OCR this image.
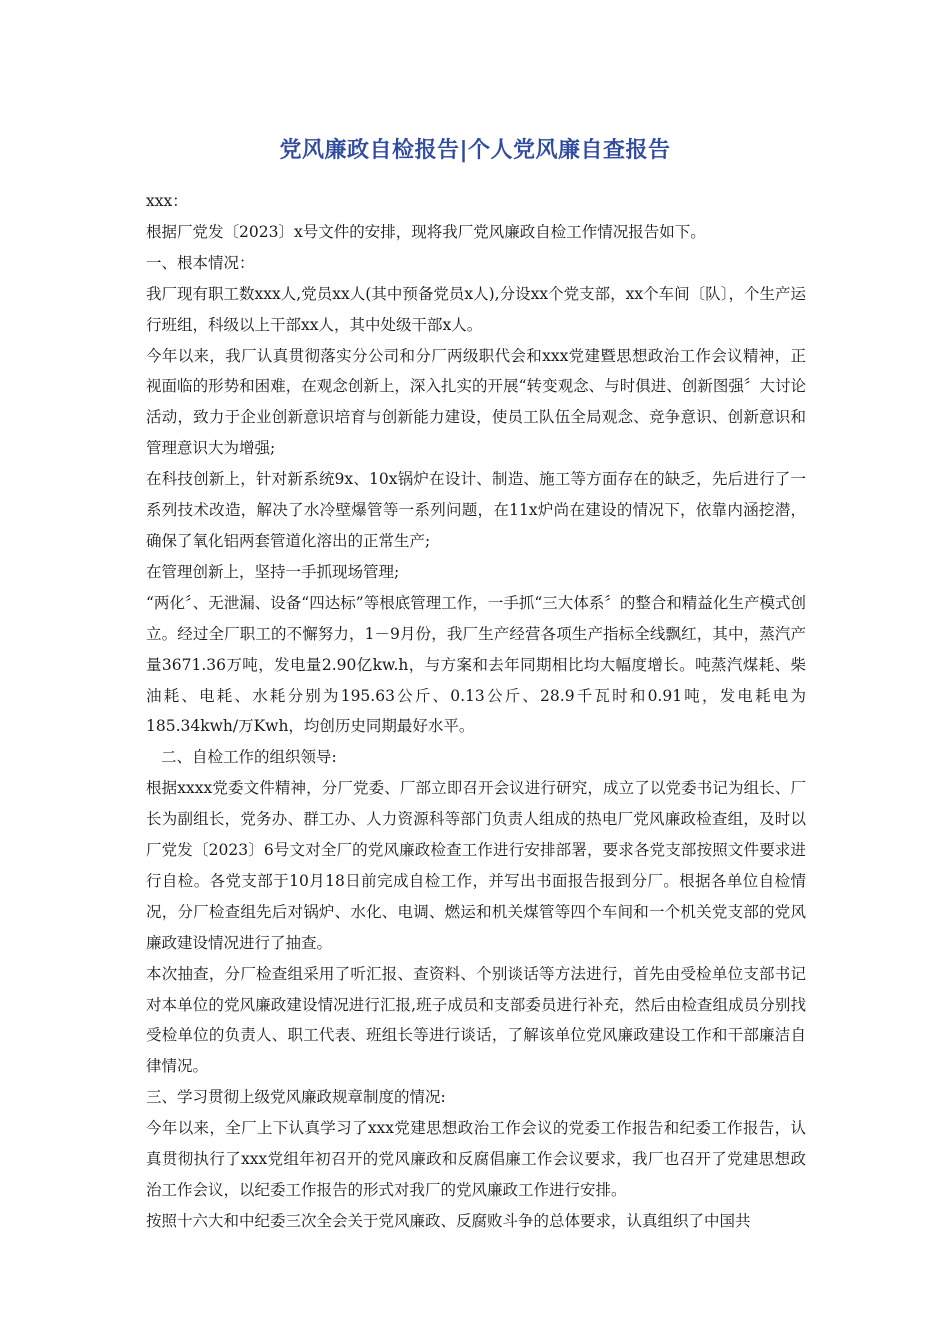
党风廉政自检报告|个人党风廉自查报告

xxx：

根据厂党发〔2023〕x号文件的安排，现将我厂党风廉政自检工作情况报告如下。

一、根本情况：

我厂现有职工数xxx人,党员xx人(其中预备党员x人),分设xx个党支部，xx个车间〔队〕，个生产运行班组，科级以上干部xx人，其中处级干部x人。

今年以来，我厂认真贯彻落实分公司和分厂两级职代会和xxx党建暨思想政治工作会议精神，正视面临的形势和困难，在观念创新上，深入扎实的开展“转变观念、与时俱进、创新图强〞大讨论活动，致力于企业创新意识培育与创新能力建设，使员工队伍全局观念、竞争意识、创新意识和管理意识大为增强;

在科技创新上，针对新系统9x、10x锅炉在设计、制造、施工等方面存在的缺乏，先后进行了一系列技术改造，解决了水冷壁爆管等一系列问题，在11x炉尚在建设的情况下，依靠内涵挖潜，确保了氧化铝两套管道化溶出的正常生产;

在管理创新上，坚持一手抓现场管理;

“两化〞、无泄漏、设备“四达标”等根底管理工作，一手抓“三大体系〞的整合和精益化生产模式创立。经过全厂职工的不懈努力，1－9月份，我厂生产经营各项生产指标全线飘红，其中，蒸汽产量3671.36万吨，发电量2.90亿kw.h，与方案和去年同期相比均大幅度增长。吨蒸汽煤耗、柴油耗、电耗、水耗分别为195.63公斤、0.13公斤、28.9千瓦时和0.91吨，发电耗电为185.34kwh/万Kwh，均创历史同期最好水平。

二、自检工作的组织领导:

根据xxxx党委文件精神，分厂党委、厂部立即召开会议进行研究，成立了以党委书记为组长、厂长为副组长，党务办、群工办、人力资源科等部门负责人组成的热电厂党风廉政检查组，及时以厂党发〔2023〕6号文对全厂的党风廉政检查工作进行安排部署，要求各党支部按照文件要求进行自检。各党支部于10月18日前完成自检工作，并写出书面报告报到分厂。根据各单位自检情况，分厂检查组先后对锅炉、水化、电调、燃运和机关煤管等四个车间和一个机关党支部的党风廉政建设情况进行了抽查。

本次抽查，分厂检查组采用了听汇报、查资料、个别谈话等方法进行，首先由受检单位支部书记对本单位的党风廉政建设情况进行汇报,班子成员和支部委员进行补充，然后由检查组成员分别找受检单位的负责人、职工代表、班组长等进行谈话，了解该单位党风廉政建设工作和干部廉洁自律情况。

三、学习贯彻上级党风廉政规章制度的情况:

今年以来，全厂上下认真学习了xxx党建思想政治工作会议的党委工作报告和纪委工作报告，认真贯彻执行了xxx党组年初召开的党风廉政和反腐倡廉工作会议要求，我厂也召开了党建思想政治工作会议，以纪委工作报告的形式对我厂的党风廉政工作进行安排。

按照十六大和中纪委三次全会关于党风廉政、反腐败斗争的总体要求，认真组织了中国共
